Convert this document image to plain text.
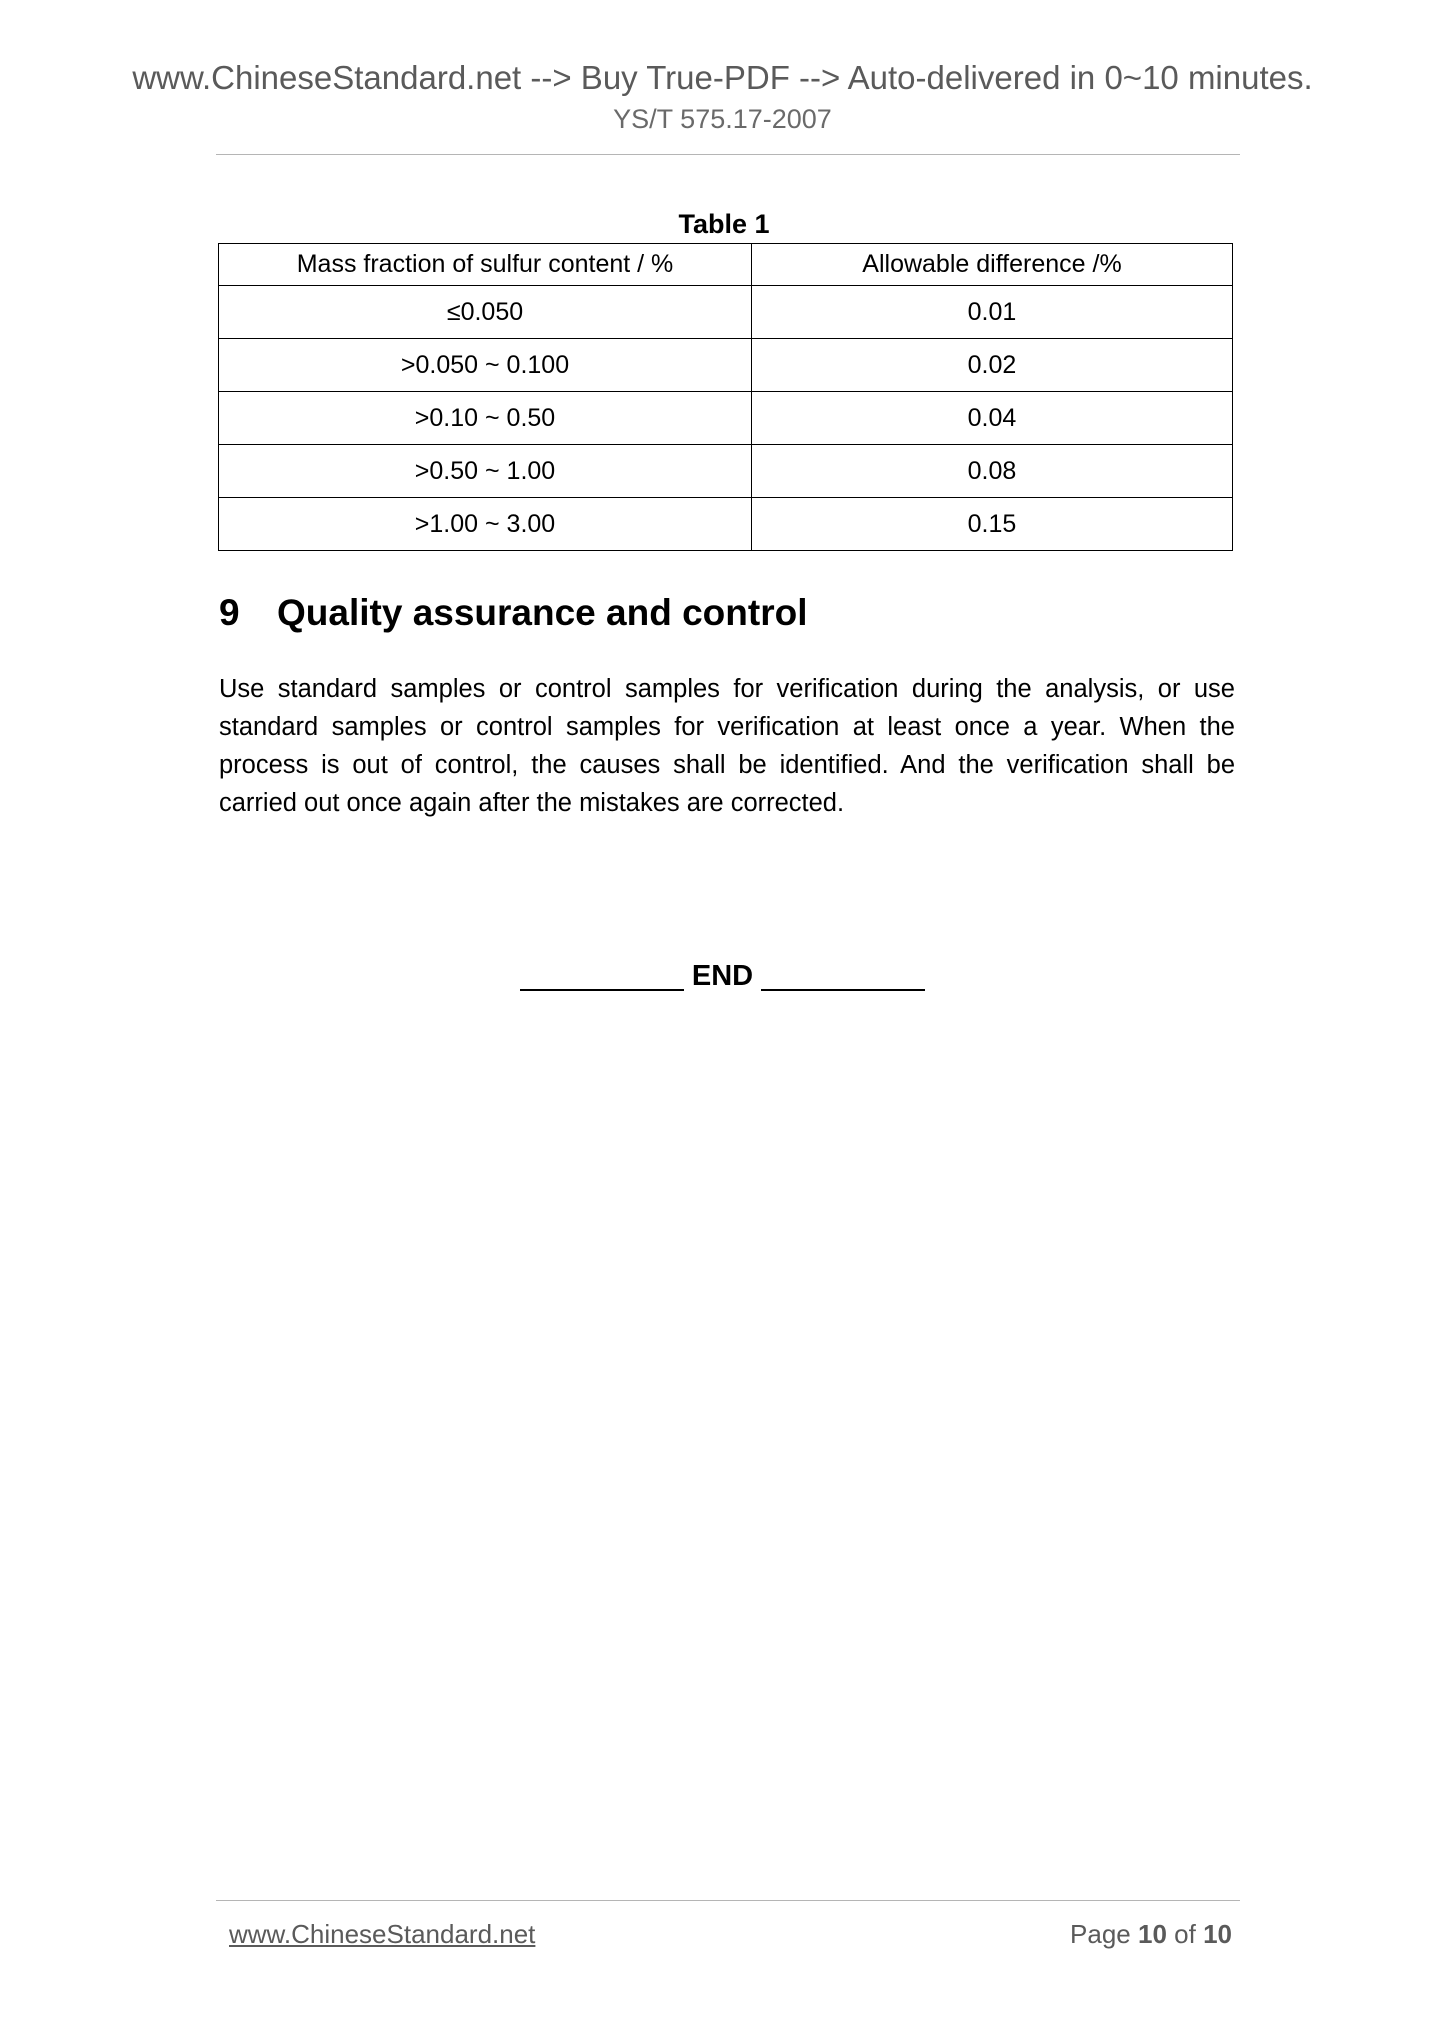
www.ChineseStandard.net --> Buy True-PDF --> Auto-delivered in 0~10 minutes.
YS/T 575.17-2007
Table 1
Mass fraction of sulfur content / %	Allowable difference /%
≤0.050	0.01
>0.050 ~ 0.100	0.02
>0.10 ~ 0.50	0.04
>0.50 ~ 1.00	0.08
>1.00 ~ 3.00	0.15
9 Quality assurance and control

Use standard samples or control samples for verification during the analysis, or use standard samples or control samples for verification at least once a year. When the process is out of control, the causes shall be identified. And the verification shall be carried out once again after the mistakes are corrected.

END
www.ChineseStandard.net	Page 10 of 10
